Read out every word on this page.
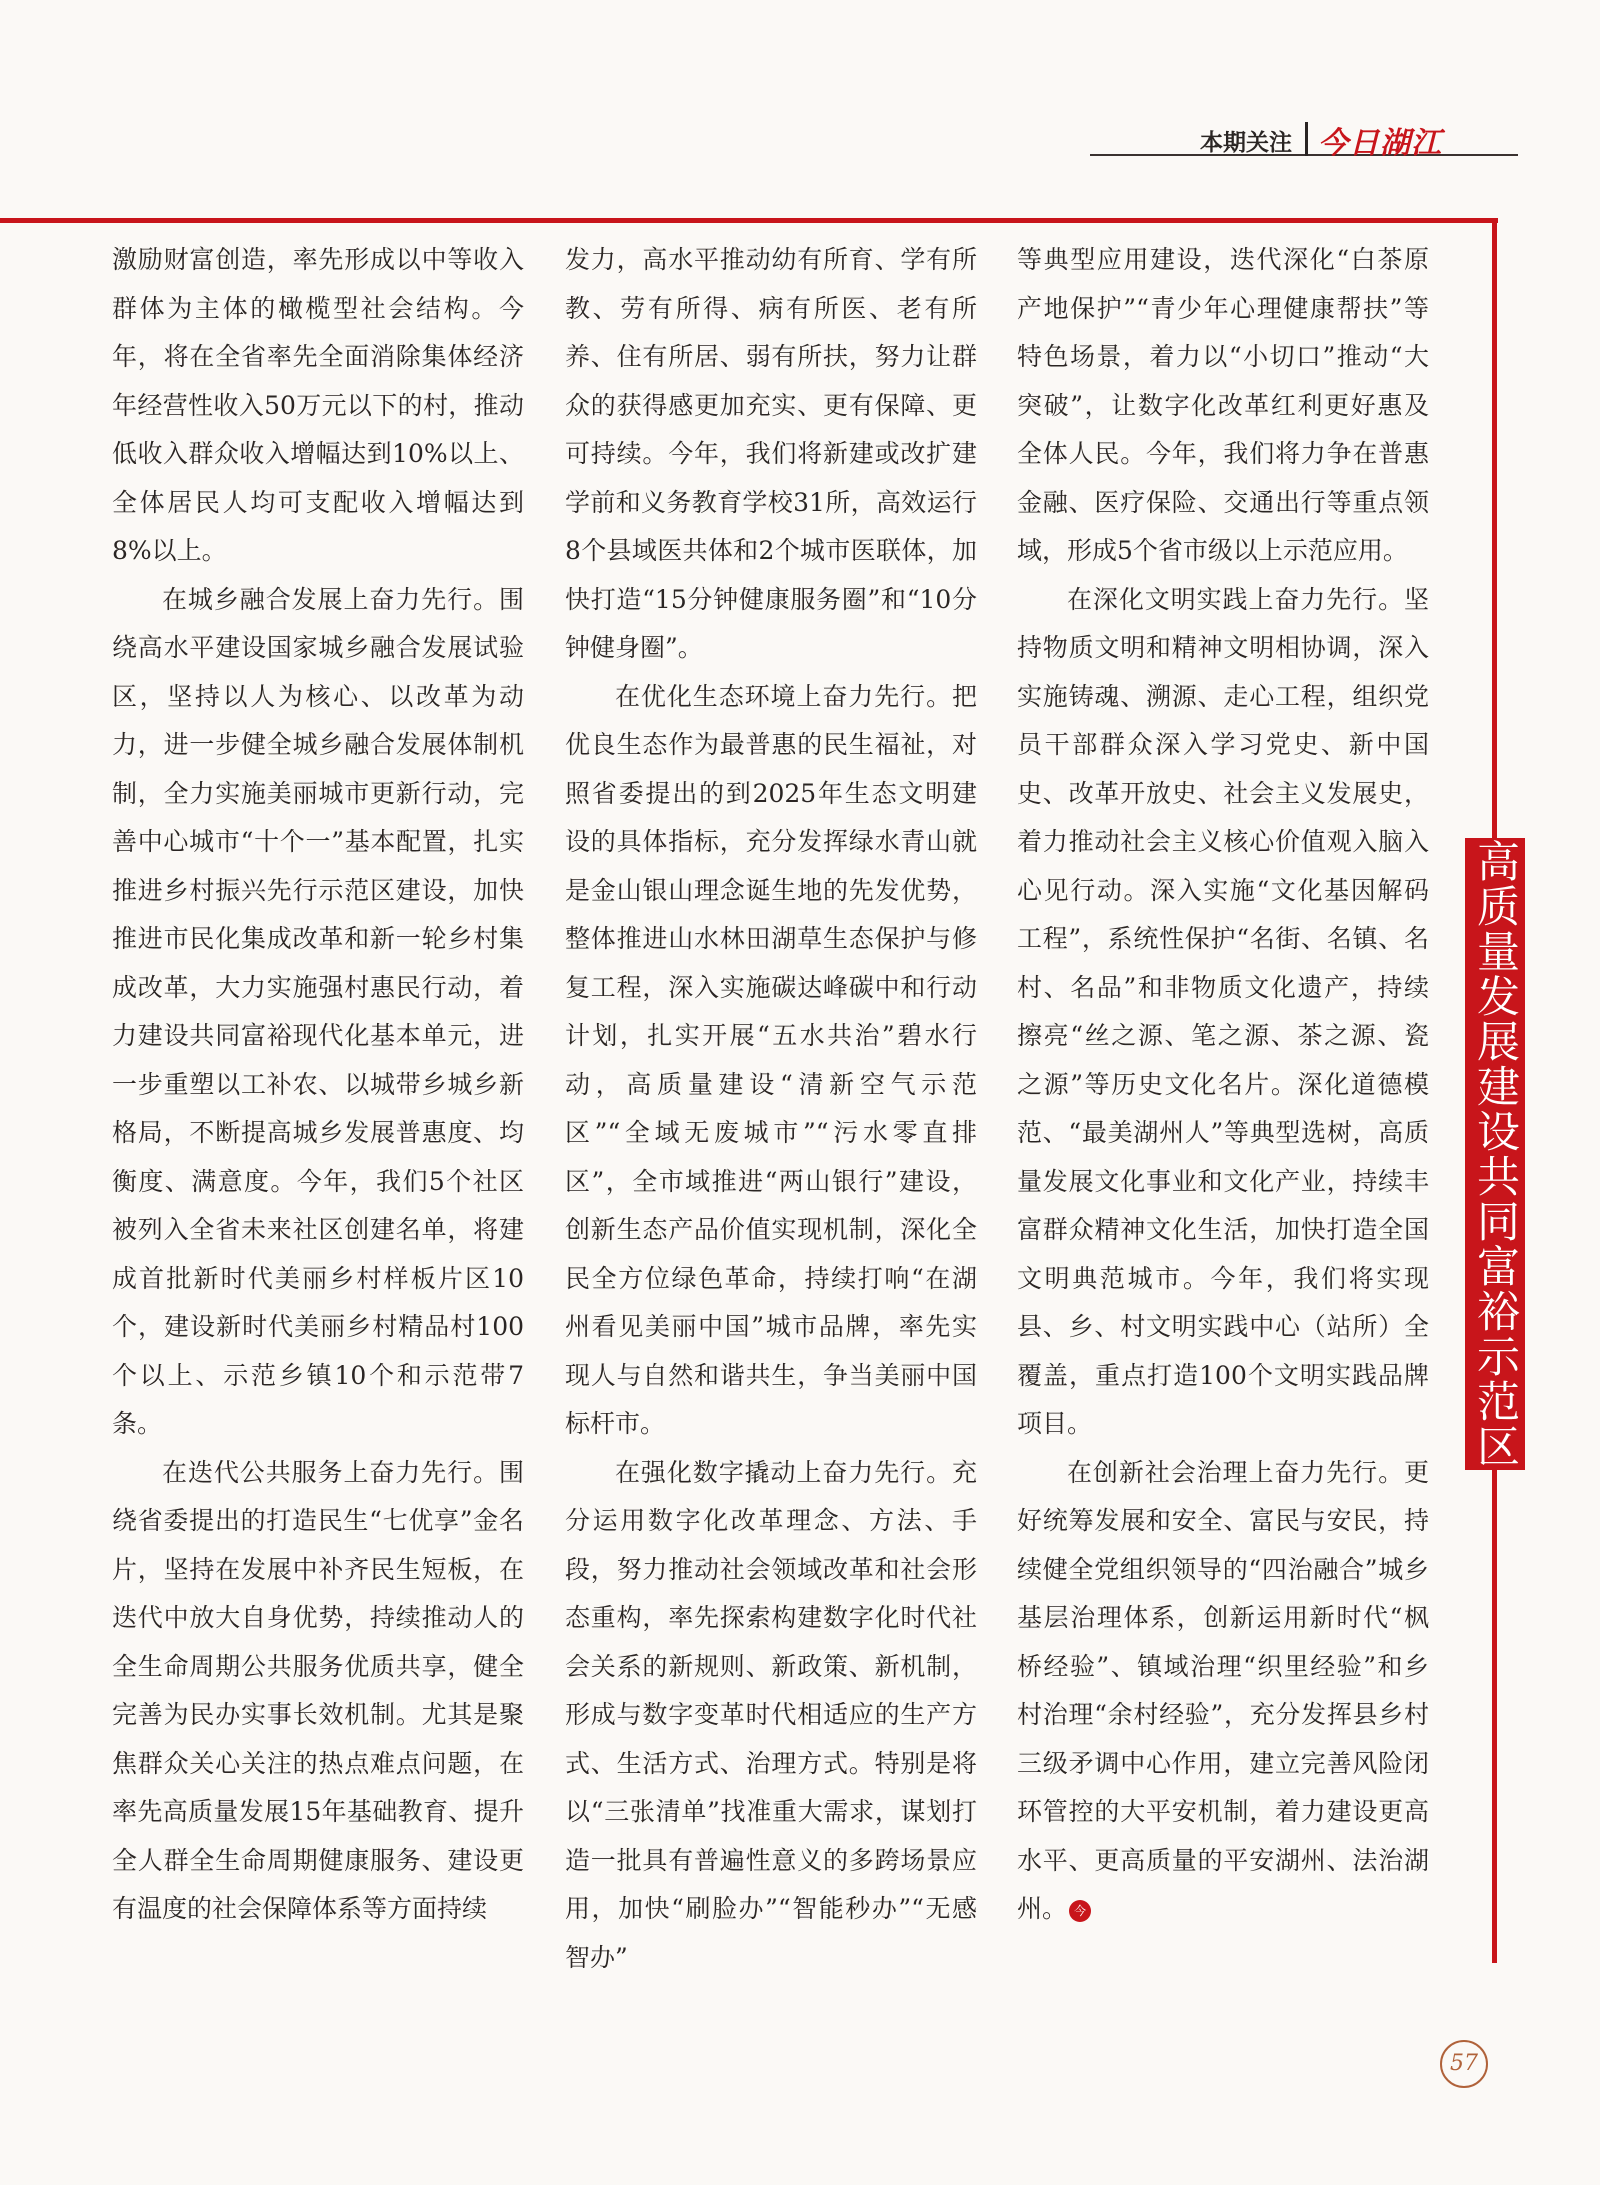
本期关注 今日湖江

激励财富创造，率先形成以中等收入群体为主体的橄榄型社会结构。今年，将在全省率先全面消除集体经济年经营性收入50万元以下的村，推动低收入群众收入增幅达到10%以上、全体居民人均可支配收入增幅达到8%以上。

在城乡融合发展上奋力先行。围绕高水平建设国家城乡融合发展试验区，坚持以人为核心、以改革为动力，进一步健全城乡融合发展体制机制，全力实施美丽城市更新行动，完善中心城市“十个一”基本配置，扎实推进乡村振兴先行示范区建设，加快推进市民化集成改革和新一轮乡村集成改革，大力实施强村惠民行动，着力建设共同富裕现代化基本单元，进一步重塑以工补农、以城带乡城乡新格局，不断提高城乡发展普惠度、均衡度、满意度。今年，我们5个社区被列入全省未来社区创建名单，将建成首批新时代美丽乡村样板片区10个，建设新时代美丽乡村精品村100个以上、示范乡镇10个和示范带7条。

在迭代公共服务上奋力先行。围绕省委提出的打造民生“七优享”金名片，坚持在发展中补齐民生短板，在迭代中放大自身优势，持续推动人的全生命周期公共服务优质共享，健全完善为民办实事长效机制。尤其是聚焦群众关心关注的热点难点问题，在率先高质量发展15年基础教育、提升全人群全生命周期健康服务、建设更有温度的社会保障体系等方面持续

发力，高水平推动幼有所育、学有所教、劳有所得、病有所医、老有所养、住有所居、弱有所扶，努力让群众的获得感更加充实、更有保障、更可持续。今年，我们将新建或改扩建学前和义务教育学校31所，高效运行8个县域医共体和2个城市医联体，加快打造“15分钟健康服务圈”和“10分钟健身圈”。

在优化生态环境上奋力先行。把优良生态作为最普惠的民生福祉，对照省委提出的到2025年生态文明建设的具体指标，充分发挥绿水青山就是金山银山理念诞生地的先发优势，整体推进山水林田湖草生态保护与修复工程，深入实施碳达峰碳中和行动计划，扎实开展“五水共治”碧水行动，高质量建设“清新空气示范区”“全域无废城市”“污水零直排区”，全市域推进“两山银行”建设，创新生态产品价值实现机制，深化全民全方位绿色革命，持续打响“在湖州看见美丽中国”城市品牌，率先实现人与自然和谐共生，争当美丽中国标杆市。

在强化数字撬动上奋力先行。充分运用数字化改革理念、方法、手段，努力推动社会领域改革和社会形态重构，率先探索构建数字化时代社会关系的新规则、新政策、新机制，形成与数字变革时代相适应的生产方式、生活方式、治理方式。特别是将以“三张清单”找准重大需求，谋划打造一批具有普遍性意义的多跨场景应用，加快“刷脸办”“智能秒办”“无感智办”

等典型应用建设，迭代深化“白茶原产地保护”“青少年心理健康帮扶”等特色场景，着力以“小切口”推动“大突破”，让数字化改革红利更好惠及全体人民。今年，我们将力争在普惠金融、医疗保险、交通出行等重点领域，形成5个省市级以上示范应用。

在深化文明实践上奋力先行。坚持物质文明和精神文明相协调，深入实施铸魂、溯源、走心工程，组织党员干部群众深入学习党史、新中国史、改革开放史、社会主义发展史，着力推动社会主义核心价值观入脑入心见行动。深入实施“文化基因解码工程”，系统性保护“名街、名镇、名村、名品”和非物质文化遗产，持续擦亮“丝之源、笔之源、茶之源、瓷之源”等历史文化名片。深化道德模范、“最美湖州人”等典型选树，高质量发展文化事业和文化产业，持续丰富群众精神文化生活，加快打造全国文明典范城市。今年，我们将实现县、乡、村文明实践中心（站所）全覆盖，重点打造100个文明实践品牌项目。

在创新社会治理上奋力先行。更好统筹发展和安全、富民与安民，持续健全党组织领导的“四治融合”城乡基层治理体系，创新运用新时代“枫桥经验”、镇域治理“织里经验”和乡村治理“余村经验”，充分发挥县乡村三级矛调中心作用，建立完善风险闭环管控的大平安机制，着力建设更高水平、更高质量的平安湖州、法治湖州。 今

高质量发展建设共同富裕示范区
57
